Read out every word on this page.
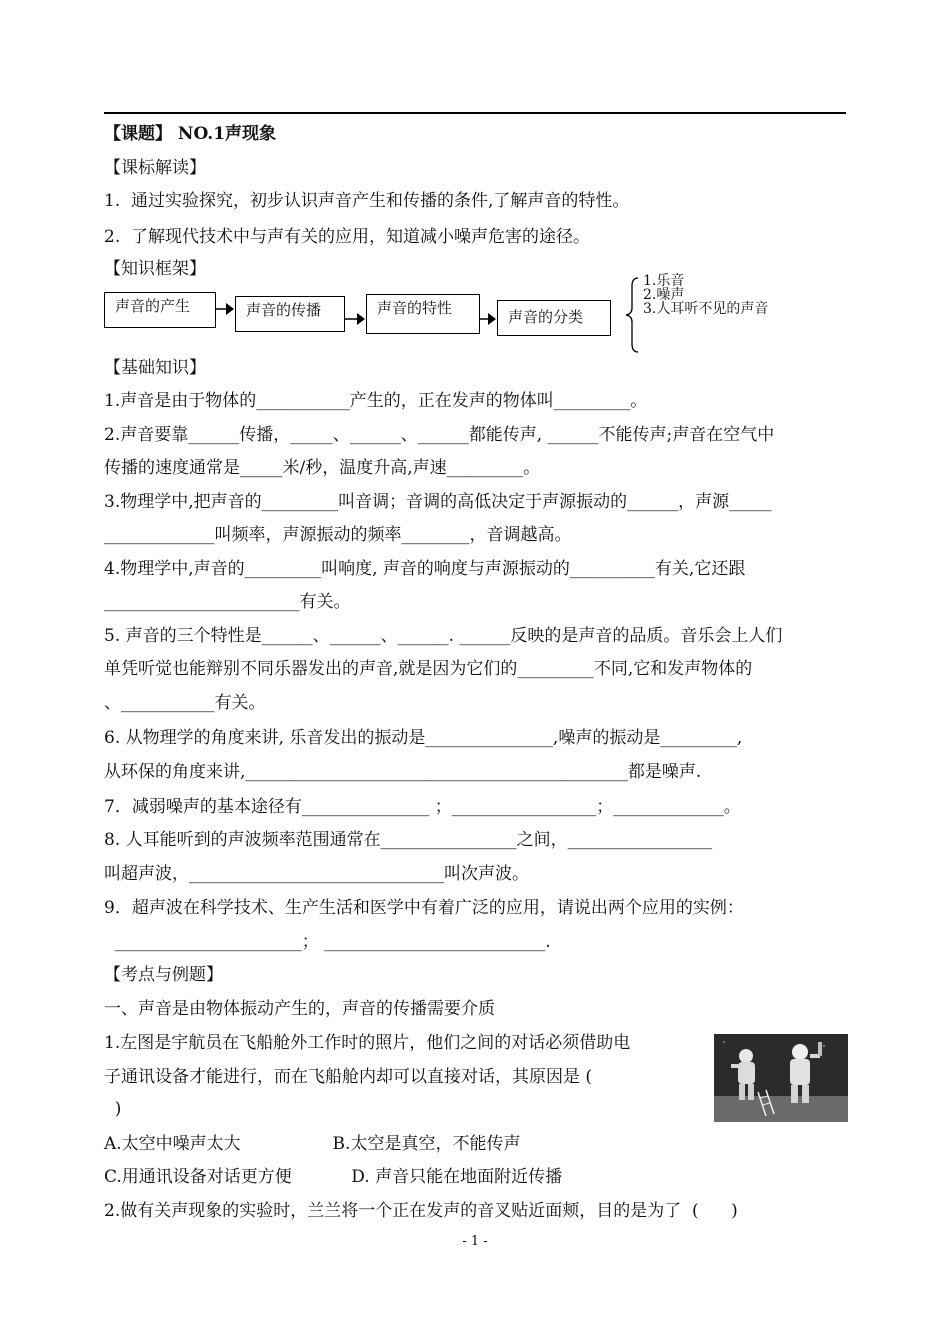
【课题】 NO.1声现象
【课标解读】
1.  通过实验探究，初步认识声音产生和传播的条件,了解声音的特性。
2.  了解现代技术中与声有关的应用，知道减小噪声危害的途径。
【知识框架】
声音的产生	声音的传播	声音的特性	声音的分类
1.乐音
2.噪声
3.人耳听不见的声音
【基础知识】
1.声音是由于物体的___________产生的，正在发声的物体叫_________。
2.声音要靠______传播，_____、______、______都能传声, ______不能传声;声音在空气中
传播的速度通常是_____米/秒，温度升高,声速_________。
3.物理学中,把声音的_________叫音调；音调的高低决定于声源振动的______，声源_____
_____________叫频率，声源振动的频率________，音调越高。
4.物理学中,声音的_________叫响度, 声音的响度与声源振动的__________有关,它还跟
_______________________有关。
5. 声音的三个特性是______、______、______. ______反映的是声音的品质。音乐会上人们
单凭听觉也能辩别不同乐器发出的声音,就是因为它们的_________不同,它和发声物体的
、___________有关。
6. 从物理学的角度来讲, 乐音发出的振动是_______________,噪声的振动是_________,
从环保的角度来讲,_____________________________________________都是噪声.
7．减弱噪声的基本途径有_______________ ；_________________；_____________。
8. 人耳能听到的声波频率范围通常在________________之间，_________________
叫超声波，______________________________叫次声波。
9．超声波在科学技术、生产生活和医学中有着广泛的应用，请说出两个应用的实例：
______________________； __________________________.
【考点与例题】
一、声音是由物体振动产生的，声音的传播需要介质
1.左图是宇航员在飞船舱外工作时的照片，他们之间的对话必须借助电
子通讯设备才能进行，而在飞船舱内却可以直接对话，其原因是 (
)
A.太空中噪声太大                 B.太空是真空，不能传声
C.用通讯设备对话更方便           D. 声音只能在地面附近传播
2.做有关声现象的实验时，兰兰将一个正在发声的音叉贴近面颊，目的是为了  (      )
- 1 -
